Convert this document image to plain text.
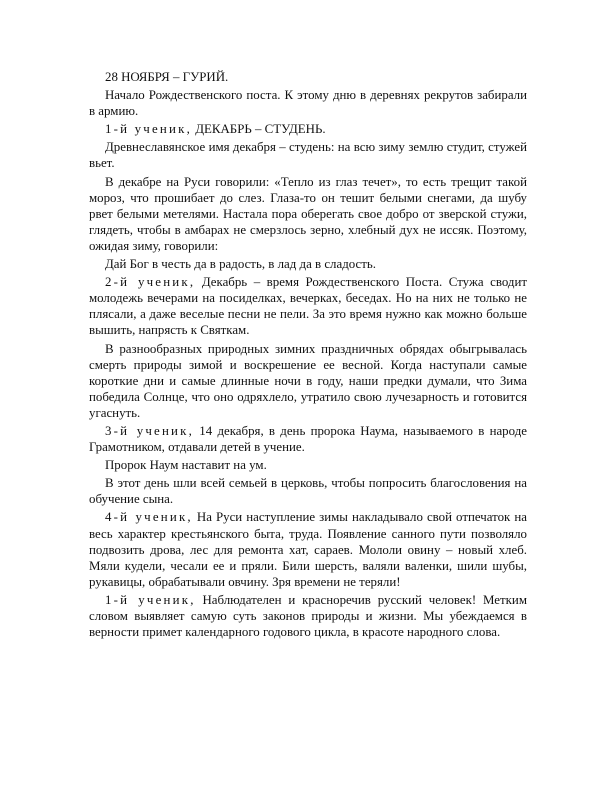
28 НОЯБРЯ – ГУРИЙ.

Начало Рождественского поста. К этому дню в деревнях рекрутов забирали в армию.

1-й ученик, ДЕКАБРЬ – СТУДЕНЬ.

Древнеславянское имя декабря – студень: на всю зиму землю студит, стужей вьет.

В декабре на Руси говорили: «Тепло из глаз течет», то есть трещит такой мороз, что прошибает до слез. Глаза-то он тешит белыми снегами, да шубу рвет белыми метелями. Настала пора оберегать свое добро от зверской стужи, глядеть, чтобы в амбарах не смерзлось зерно, хлебный дух не иссяк. Поэтому, ожидая зиму, говорили:

Дай Бог в честь да в радость, в лад да в сладость.

2-й ученик, Декабрь – время Рождественского Поста. Стужа сводит молодежь вечерами на посиделках, вечерках, беседах. Но на них не только не плясали, а даже веселые песни не пели. За это время нужно как можно больше вышить, напрясть к Святкам.

В разнообразных природных зимних праздничных обрядах обыгрывалась смерть природы зимой и воскрешение ее весной. Когда наступали самые короткие дни и самые длинные ночи в году, наши предки думали, что Зима победила Солнце, что оно одряхлело, утратило свою лучезарность и готовится угаснуть.

3-й ученик, 14 декабря, в день пророка Наума, называемого в народе Грамотником, отдавали детей в учение.

Пророк Наум наставит на ум.

В этот день шли всей семьей в церковь, чтобы попросить благословения на обучение сына.

4-й ученик, На Руси наступление зимы накладывало свой отпечаток на весь характер крестьянского быта, труда. Появление санного пути позволяло подвозить дрова, лес для ремонта хат, сараев. Мололи овину – новый хлеб. Мяли кудели, чесали ее и пряли. Били шерсть, валяли валенки, шили шубы, рукавицы, обрабатывали овчину. Зря времени не теряли!

1-й ученик, Наблюдателен и красноречив русский человек! Метким словом выявляет самую суть законов природы и жизни. Мы убеждаемся в верности примет календарного годового цикла, в красоте народного слова.
